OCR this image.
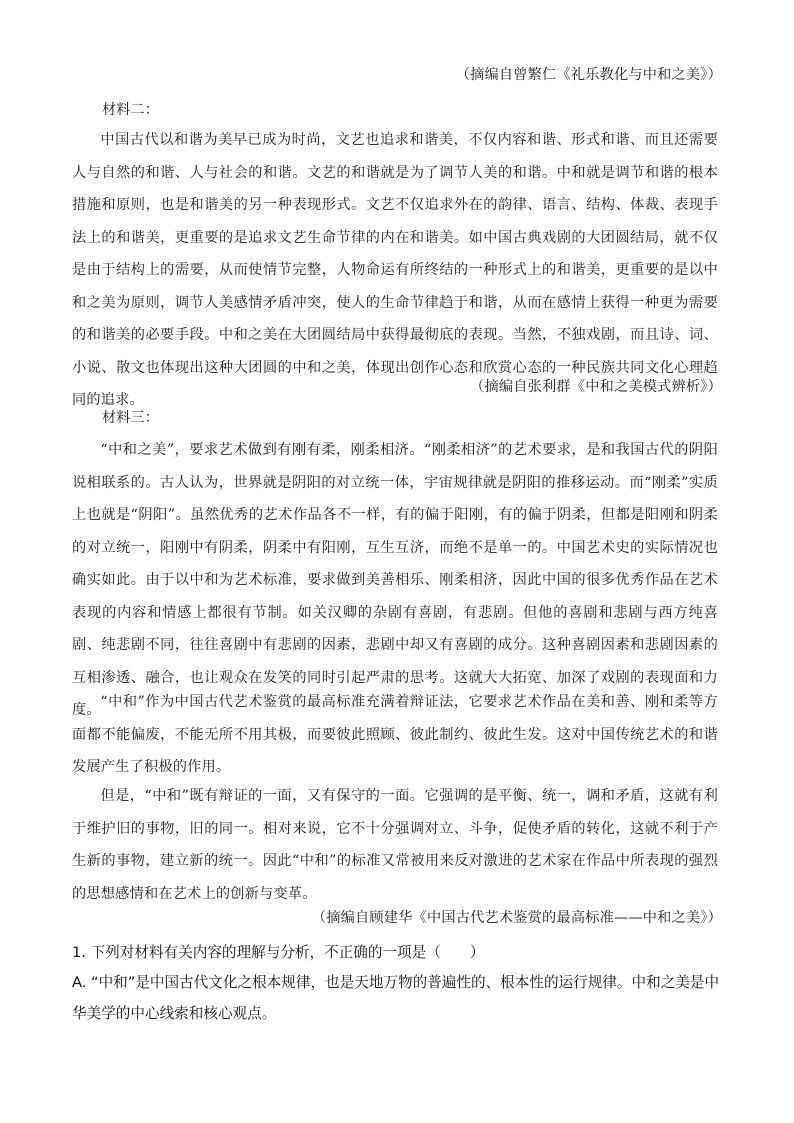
（摘编自曾繁仁《礼乐教化与中和之美》）
材料二：
中国古代以和谐为美早已成为时尚，文艺也追求和谐美，不仅内容和谐、形式和谐、而且还需要人与自然的和谐、人与社会的和谐。文艺的和谐就是为了调节人美的和谐。中和就是调节和谐的根本措施和原则，也是和谐美的另一种表现形式。文艺不仅追求外在的韵律、语言、结构、体裁、表现手法上的和谐美，更重要的是追求文艺生命节律的内在和谐美。如中国古典戏剧的大团圆结局，就不仅是由于结构上的需要，从而使情节完整，人物命运有所终结的一种形式上的和谐美，更重要的是以中和之美为原则，调节人美感情矛盾冲突，使人的生命节律趋于和谐，从而在感情上获得一种更为需要的和谐美的必要手段。中和之美在大团圆结局中获得最彻底的表现。当然，不独戏剧，而且诗、词、小说、散文也体现出这种大团圆的中和之美，体现出创作心态和欣赏心态的一种民族共同文化心理趋同的追求。
（摘编自张利群《中和之美模式辨析》）
材料三：
“中和之美”，要求艺术做到有刚有柔，刚柔相济。“刚柔相济”的艺术要求，是和我国古代的阴阳说相联系的。古人认为，世界就是阴阳的对立统一体，宇宙规律就是阴阳的推移运动。而“刚柔”实质上也就是“阴阳”。虽然优秀的艺术作品各不一样，有的偏于阳刚，有的偏于阴柔，但都是阳刚和阴柔的对立统一，阳刚中有阴柔，阴柔中有阳刚，互生互济，而绝不是单一的。中国艺术史的实际情况也确实如此。由于以中和为艺术标准，要求做到美善相乐、刚柔相济，因此中国的很多优秀作品在艺术表现的内容和情感上都很有节制。如关汉卿的杂剧有喜剧，有悲剧。但他的喜剧和悲剧与西方纯喜剧、纯悲剧不同，往往喜剧中有悲剧的因素，悲剧中却又有喜剧的成分。这种喜剧因素和悲剧因素的互相渗透、融合，也让观众在发笑的同时引起严肃的思考。这就大大拓宽、加深了戏剧的表现面和力度。 “中和”作为中国古代艺术鉴赏的最高标准充满着辩证法，它要求艺术作品在美和善、刚和柔等方面都不能偏废，不能无所不用其极，而要彼此照顾、彼此制约、彼此生发。这对中国传统艺术的和谐发展产生了积极的作用。
但是，“中和”既有辩证的一面，又有保守的一面。它强调的是平衡、统一，调和矛盾，这就有利于维护旧的事物，旧的同一。相对来说，它不十分强调对立、斗争，促使矛盾的转化，这就不利于产生新的事物，建立新的统一。因此“中和”的标准又常被用来反对激进的艺术家在作品中所表现的强烈的思想感情和在艺术上的创新与变革。
（摘编自顾建华《中国古代艺术鉴赏的最高标准——中和之美》）
1. 下列对材料有关内容的理解与分析，不正确的一项是（　　）
A. “中和”是中国古代文化之根本规律，也是天地万物的普遍性的、根本性的运行规律。中和之美是中华美学的中心线索和核心观点。
